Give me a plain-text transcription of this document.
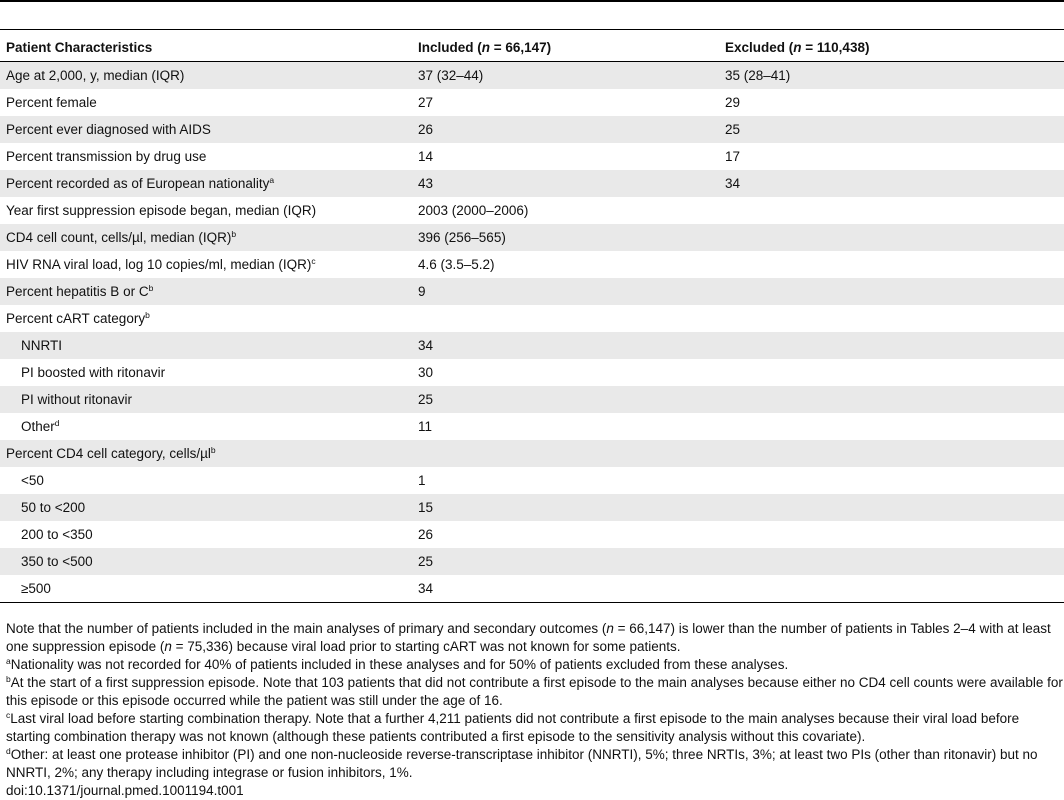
Patient Characteristics	Included (n = 66,147)	Excluded (n = 110,438)
Age at 2,000, y, median (IQR)	37 (32–44)	35 (28–41)
Percent female	27	29
Percent ever diagnosed with AIDS	26	25
Percent transmission by drug use	14	17
Percent recorded as of European nationality$^a$	43	34
Year first suppression episode began, median (IQR)	2003 (2000–2006)	
CD4 cell count, cells/µl, median (IQR)$^b$	396 (256–565)	
HIV RNA viral load, log 10 copies/ml, median (IQR)$^c$	4.6 (3.5–5.2)	
Percent hepatitis B or $C^b$	9	
Percent cART category$^b$		
NNRTI	34	
PI boosted with ritonavir	30	
PI without ritonavir	25	
Other$^d$	11	
Percent CD4 cell category, cells/µl$^b$		
<50	1	
50 to <200	15	
200 to <350	26	
350 to <500	25	
≥500	34	
Note that the number of patients included in the main analyses of primary and secondary outcomes (n = 66,147) is lower than the number of patients in Tables 2–4 with at least one suppression episode (n = 75,336) because viral load prior to starting cART was not known for some patients.
$^a$Nationality was not recorded for 40% of patients included in these analyses and for 50% of patients excluded from these analyses.
$^b$At the start of a first suppression episode. Note that 103 patients that did not contribute a first episode to the main analyses because either no CD4 cell counts were available for this episode or this episode occurred while the patient was still under the age of 16.
$^c$Last viral load before starting combination therapy. Note that a further 4,211 patients did not contribute a first episode to the main analyses because their viral load before starting combination therapy was not known (although these patients contributed a first episode to the sensitivity analysis without this covariate).
$^d$Other: at least one protease inhibitor (PI) and one non-nucleoside reverse-transcriptase inhibitor (NNRTI), 5%; three NRTIs, 3%; at least two PIs (other than ritonavir) but no NNRTI, 2%; any therapy including integrase or fusion inhibitors, 1%.
doi:10.1371/journal.pmed.1001194.t001
